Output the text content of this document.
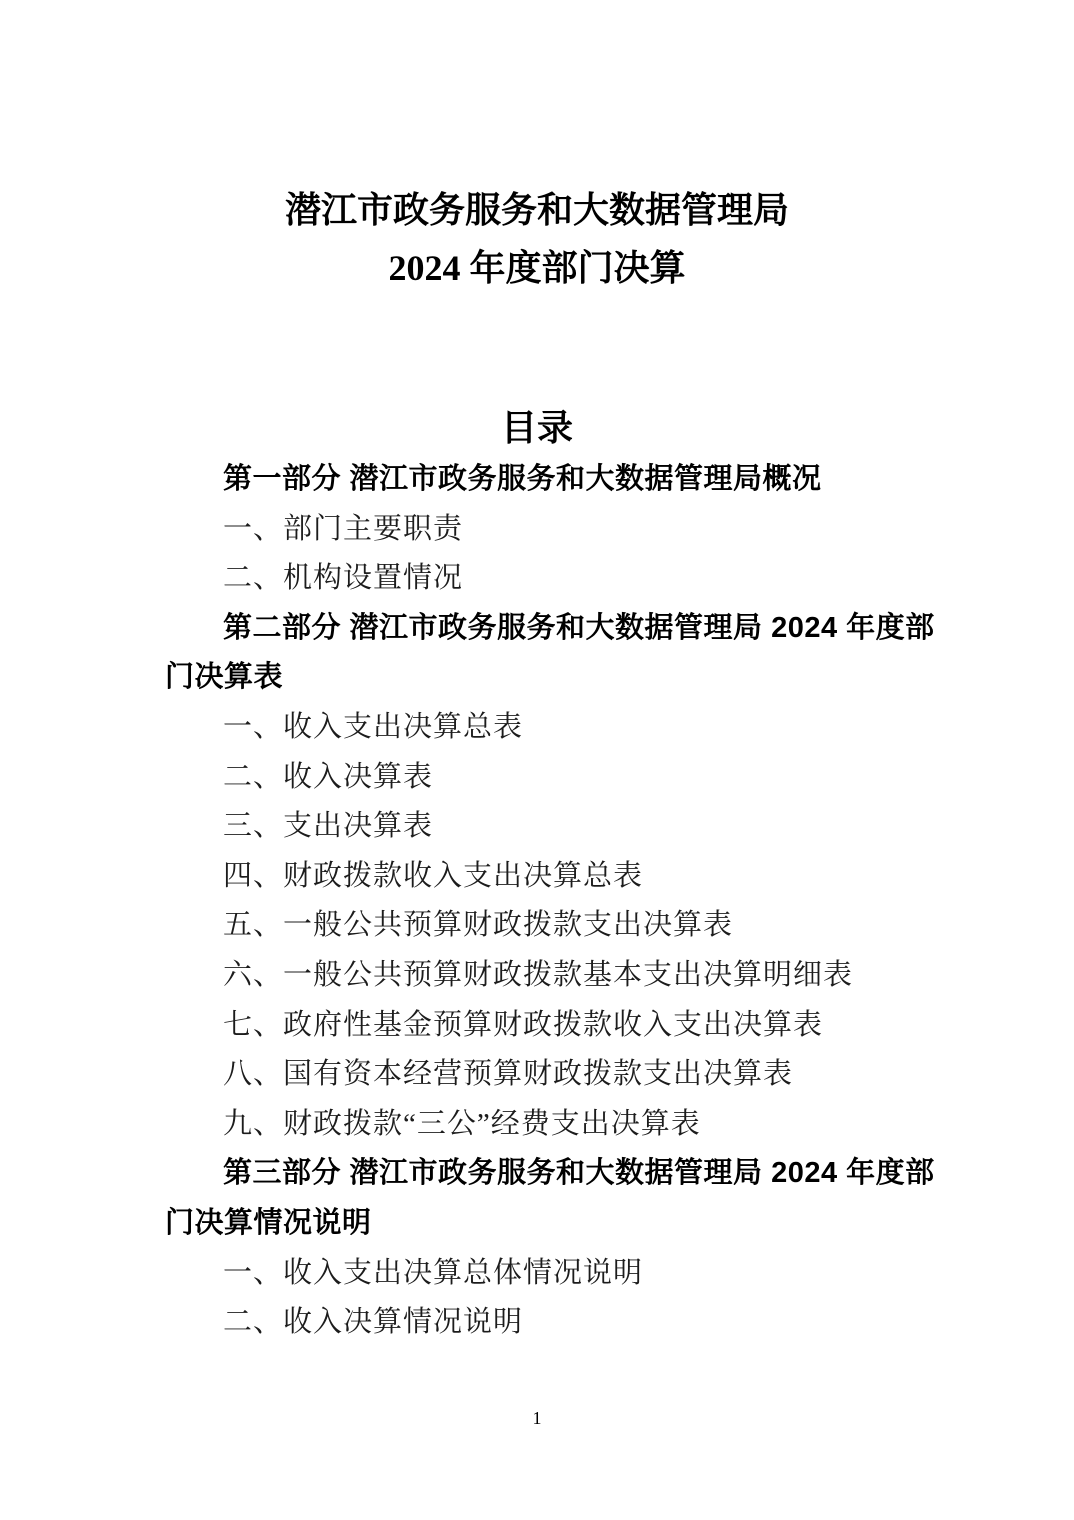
潜江市政务服务和大数据管理局
2024 年度部门决算
目录
第一部分 潜江市政务服务和大数据管理局概况
一、部门主要职责
二、机构设置情况
第二部分 潜江市政务服务和大数据管理局 2024 年度部
门决算表
一、收入支出决算总表
二、收入决算表
三、支出决算表
四、财政拨款收入支出决算总表
五、一般公共预算财政拨款支出决算表
六、一般公共预算财政拨款基本支出决算明细表
七、政府性基金预算财政拨款收入支出决算表
八、国有资本经营预算财政拨款支出决算表
九、财政拨款“三公”经费支出决算表
第三部分 潜江市政务服务和大数据管理局 2024 年度部
门决算情况说明
一、收入支出决算总体情况说明
二、收入决算情况说明
1
